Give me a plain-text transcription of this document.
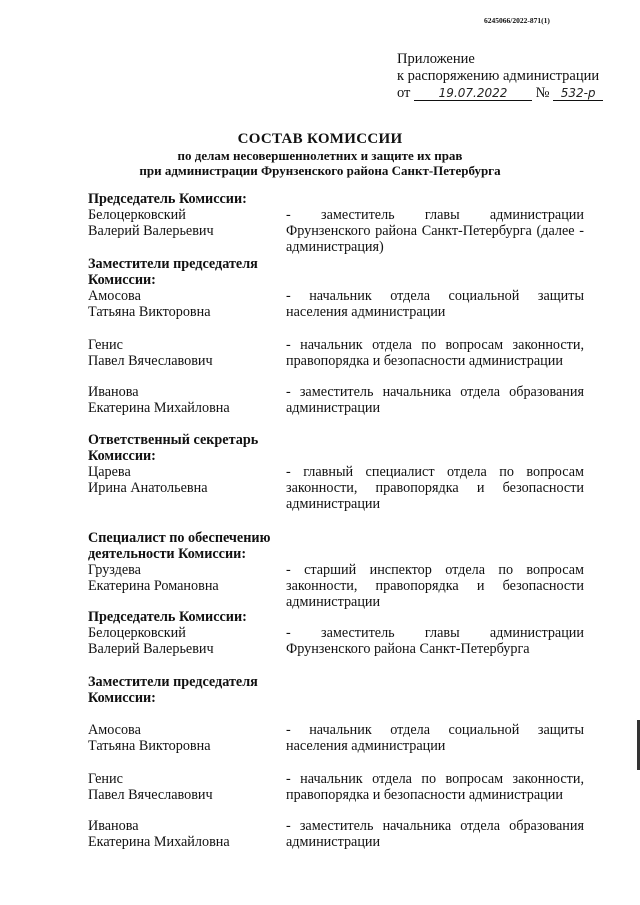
6245066/2022-871(1)
Приложение
к распоряжению администрации
от 19.07.2022 № 532-р
СОСТАВ КОМИССИИ
по делам несовершеннолетних и защите их прав
при администрации Фрунзенского района Санкт-Петербурга
Председатель Комиссии:
Белоцерковский
Валерий Валерьевич
- заместитель главы администрации Фрунзенского района Санкт-Петербурга (далее - администрация)
Заместители председателя
Комиссии:
Амосова
Татьяна Викторовна
- начальник отдела социальной защиты населения администрации
Генис
Павел Вячеславович
- начальник отдела по вопросам законности, правопорядка и безопасности администрации
Иванова
Екатерина Михайловна
- заместитель начальника отдела образования администрации
Ответственный секретарь
Комиссии:
Царева
Ирина Анатольевна
- главный специалист отдела по вопросам законности, правопорядка и безопасности администрации
Специалист по обеспечению
деятельности Комиссии:
Груздева
Екатерина Романовна
- старший инспектор отдела по вопросам законности, правопорядка и безопасности администрации
Председатель Комиссии:
Белоцерковский
Валерий Валерьевич
- заместитель главы администрации Фрунзенского района Санкт-Петербурга
Заместители председателя
Комиссии:
Амосова
Татьяна Викторовна
- начальник отдела социальной защиты населения администрации
Генис
Павел Вячеславович
- начальник отдела по вопросам законности, правопорядка и безопасности администрации
Иванова
Екатерина Михайловна
- заместитель начальника отдела образования администрации
